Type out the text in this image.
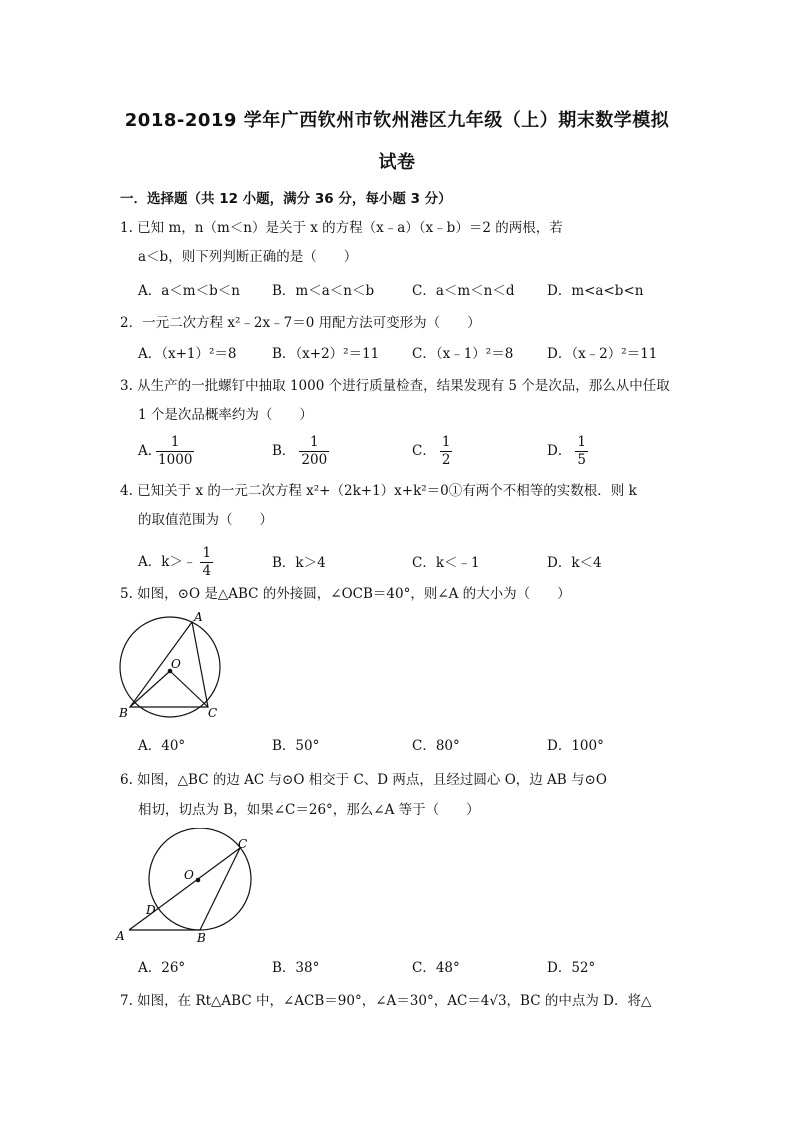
2018-2019 学年广西钦州市钦州港区九年级（上）期末数学模拟
试卷
一．选择题（共 12 小题，满分 36 分，每小题 3 分）
1. 已知 m，n（m＜n）是关于 x 的方程（x﹣a）（x﹣b）＝2 的两根，若
a＜b，则下列判断正确的是（　　）
A．a＜m＜b＜n B．m＜a＜n＜b	C．a＜m＜n＜d D．m<a<b<n
2．一元二次方程 x²﹣2x﹣7＝0 用配方法可变形为（　　）
A．（x+1）²＝8	B．（x+2）²＝11 C．（x﹣1）²＝8 D．（x﹣2）²＝11
3. 从生产的一批螺钉中抽取 1000 个进行质量检查，结果发现有 5 个是次品，那么从中任取
1 个是次品概率约为（　　）
A. $\frac{1}{1000}$	B． $\frac{1}{200}$	C． $\frac{1}{2}$	D． $\frac{1}{5}$
4. 已知关于 x 的一元二次方程 x²+（2k+1）x+k²＝0①有两个不相等的实数根．则 k
的取值范围为（　　）
A．k＞﹣ $\frac{1}{4}$	B．k＞4	C．k＜﹣1	D．k＜4
5. 如图，⊙O 是△ABC 的外接圆，∠OCB＝40°，则∠A 的大小为（　　）
A
B	C
O
A．40°	B．50°	C．80°	D．100°
6. 如图，△BC 的边 AC 与⊙O 相交于 C、D 两点，且经过圆心 O，边 AB 与⊙O
相切，切点为 B，如果∠C＝26°，那么∠A 等于（　　）
A	B
C
D
O
A．26°	B．38°	C．48°	D．52°
7. 如图，在 Rt△ABC 中，∠ACB＝90°，∠A＝30°，AC＝4√3，BC 的中点为 D．将△
